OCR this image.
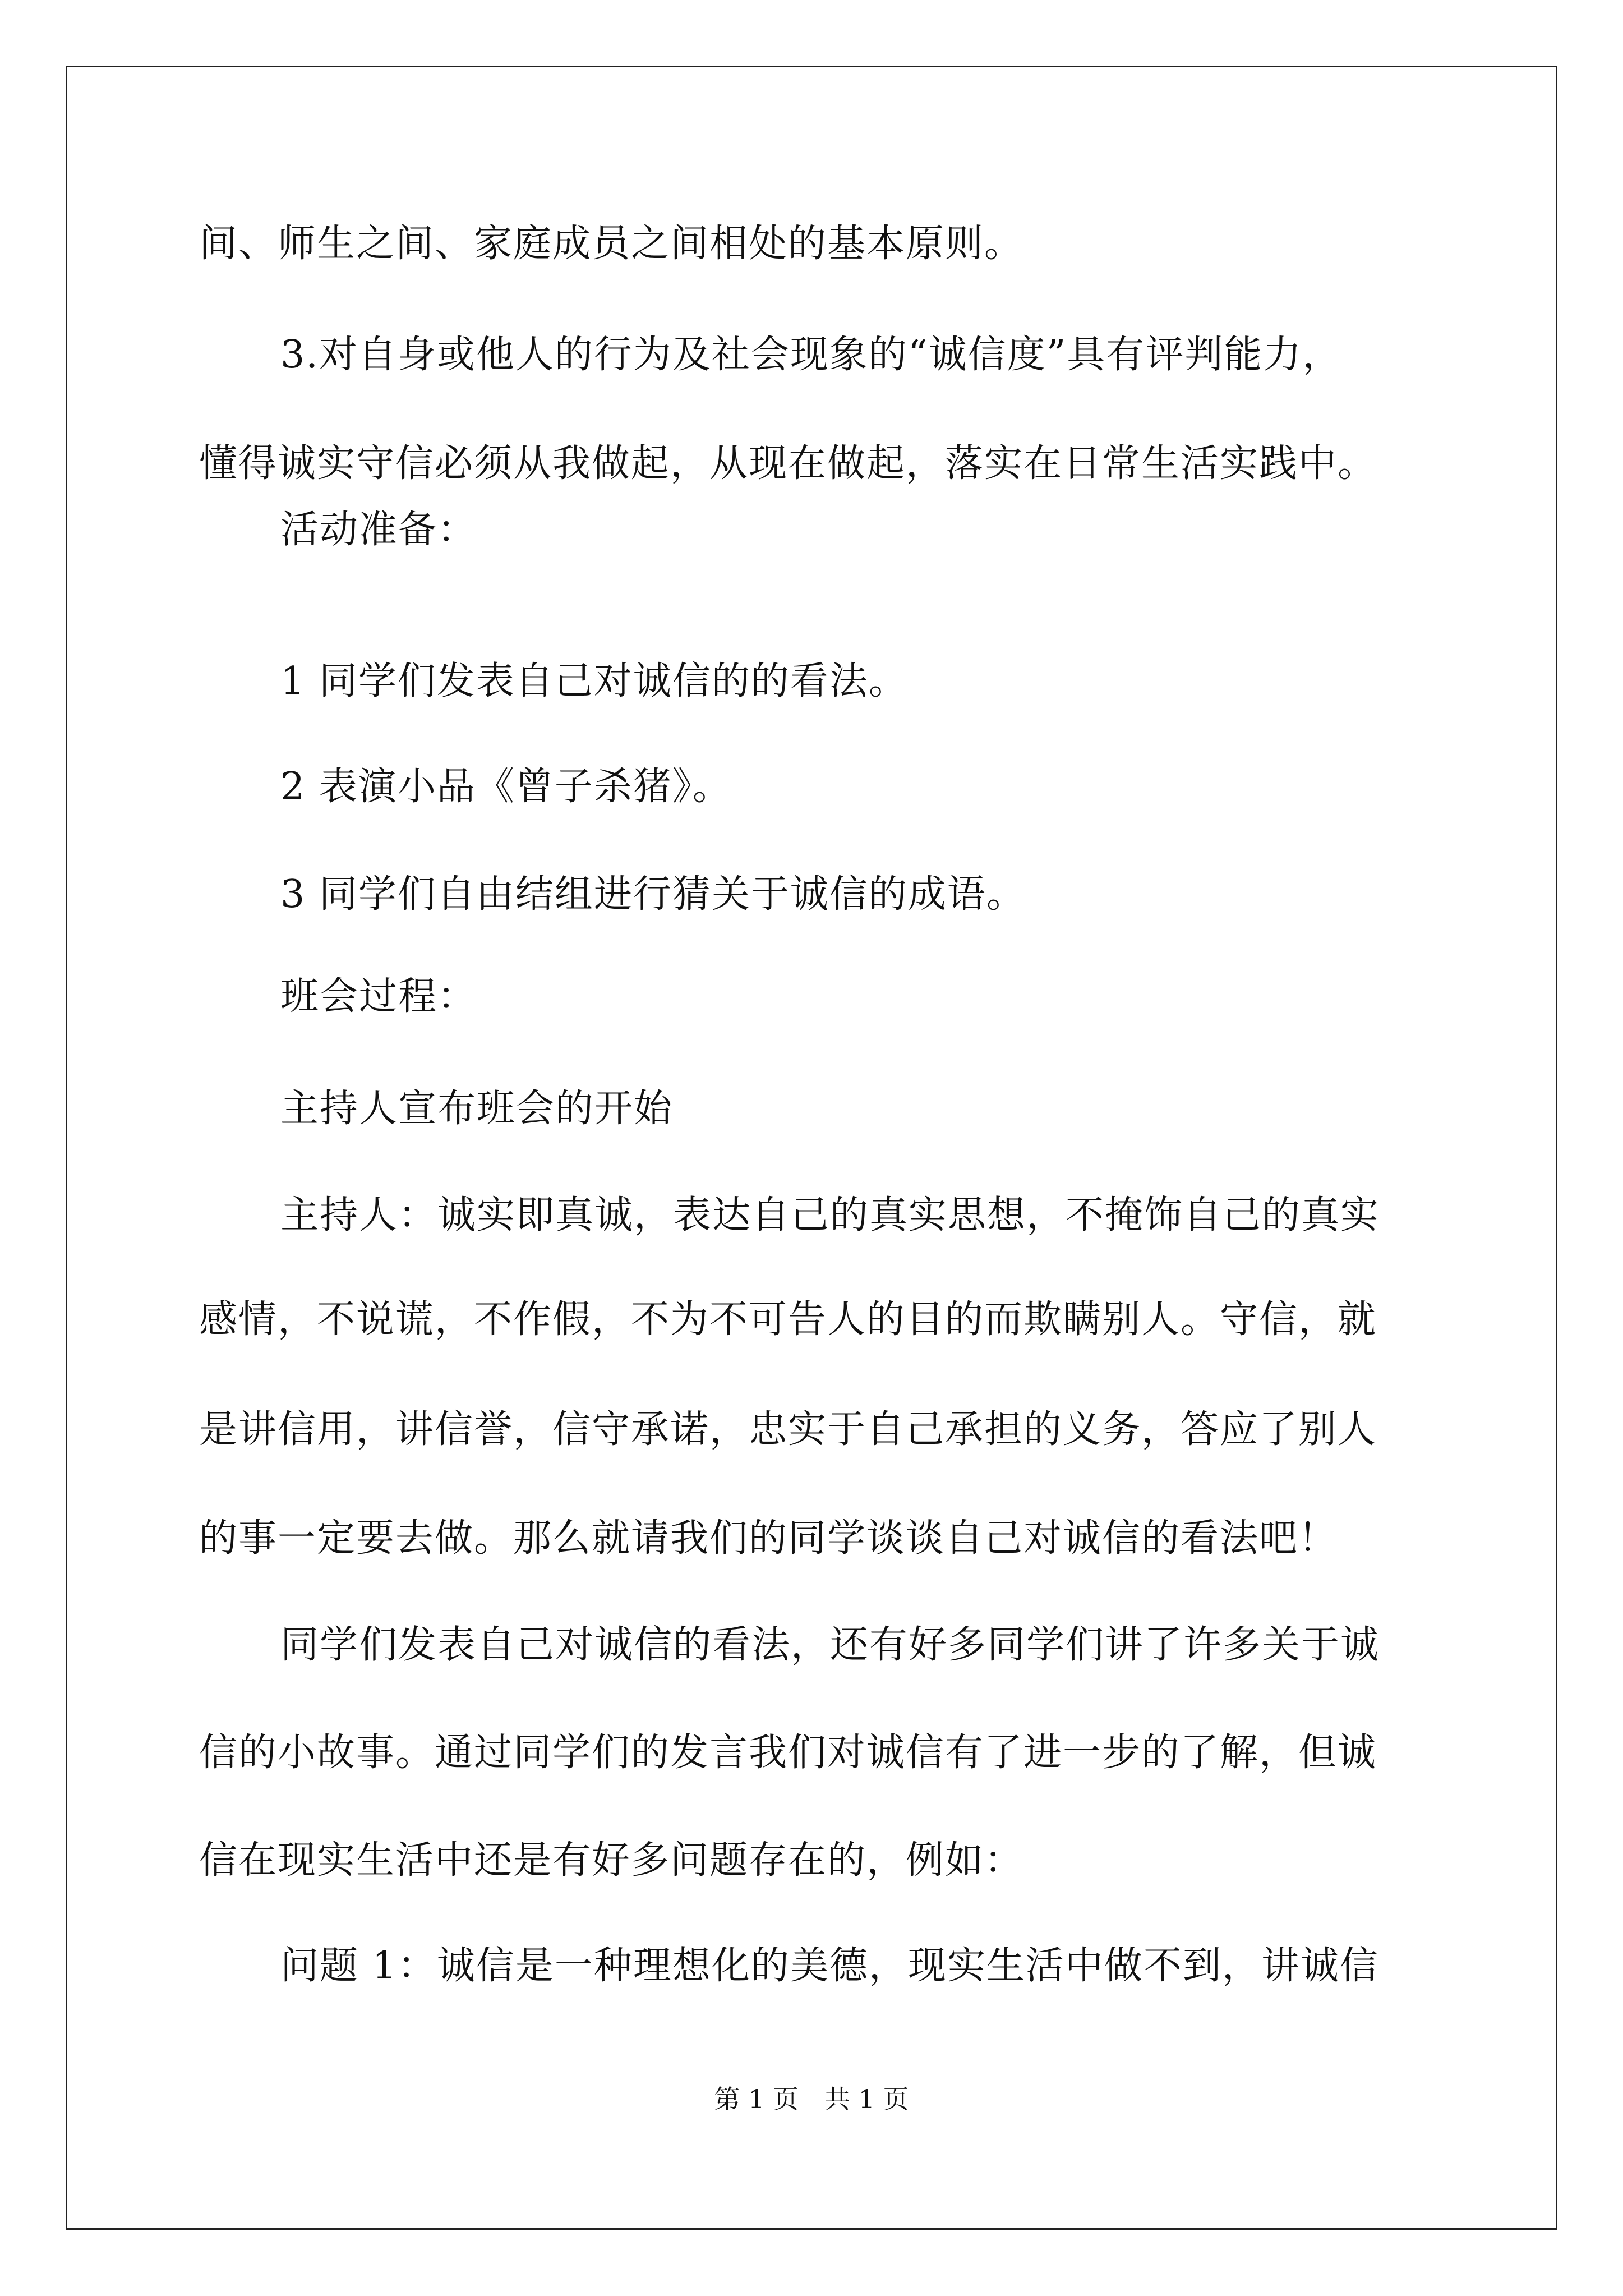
间、师生之间、家庭成员之间相处的基本原则。
3.对自身或他人的行为及社会现象的“诚信度”具有评判能力，
懂得诚实守信必须从我做起，从现在做起，落实在日常生活实践中。
活动准备：
1 同学们发表自己对诚信的的看法。
2 表演小品《曾子杀猪》。
3 同学们自由结组进行猜关于诚信的成语。
班会过程：
主持人宣布班会的开始
主持人：诚实即真诚，表达自己的真实思想，不掩饰自己的真实
感情，不说谎，不作假，不为不可告人的目的而欺瞒别人。守信，就
是讲信用，讲信誉，信守承诺，忠实于自己承担的义务，答应了别人
的事一定要去做。那么就请我们的同学谈谈自己对诚信的看法吧！
同学们发表自己对诚信的看法，还有好多同学们讲了许多关于诚
信的小故事。通过同学们的发言我们对诚信有了进一步的了解，但诚
信在现实生活中还是有好多问题存在的，例如：
问题 1：诚信是一种理想化的美德，现实生活中做不到，讲诚信
第 1 页　共 1 页
